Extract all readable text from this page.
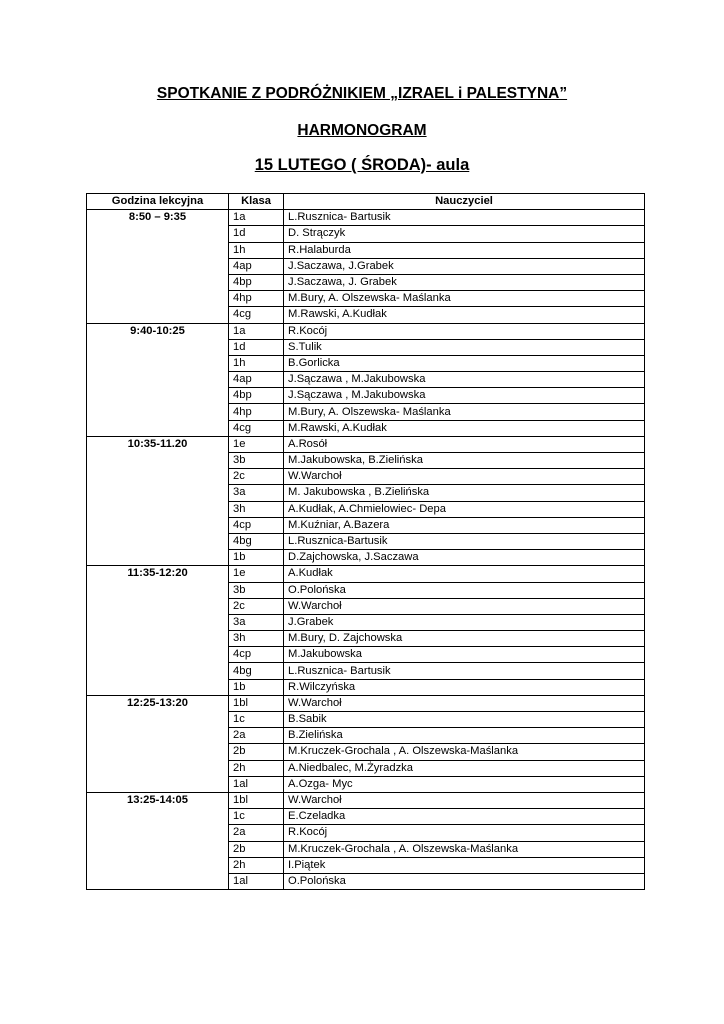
SPOTKANIE Z PODRÓŻNIKIEM „IZRAEL i PALESTYNA”

HARMONOGRAM

15 LUTEGO ( ŚRODA)- aula

Godzina lekcyjna	Klasa	Nauczyciel
8:50 – 9:35	1a	L.Rusznica- Bartusik
	1d	D. Strączyk
	1h	R.Halaburda
	4ap	J.Saczawa, J.Grabek
	4bp	J.Saczawa, J. Grabek
	4hp	M.Bury, A. Olszewska- Maślanka
	4cg	M.Rawski, A.Kudłak
9:40-10:25	1a	R.Kocój
	1d	S.Tulik
	1h	B.Gorlicka
	4ap	J.Sączawa , M.Jakubowska
	4bp	J.Sączawa , M.Jakubowska
	4hp	M.Bury, A. Olszewska- Maślanka
	4cg	M.Rawski, A.Kudłak
10:35-11.20	1e	A.Rosół
	3b	M.Jakubowska, B.Zielińska
	2c	W.Warchoł
	3a	M. Jakubowska , B.Zielińska
	3h	A.Kudłak, A.Chmielowiec- Depa
	4cp	M.Kuźniar, A.Bazera
	4bg	L.Rusznica-Bartusik
	1b	D.Zajchowska, J.Saczawa
11:35-12:20	1e	A.Kudłak
	3b	O.Polońska
	2c	W.Warchoł
	3a	J.Grabek
	3h	M.Bury, D. Zajchowska
	4cp	M.Jakubowska
	4bg	L.Rusznica- Bartusik
	1b	R.Wilczyńska
12:25-13:20	1bl	W.Warchoł
	1c	B.Sabik
	2a	B.Zielińska
	2b	M.Kruczek-Grochala , A. Olszewska-Maślanka
	2h	A.Niedbalec, M.Żyradzka
	1al	A.Ozga- Myc
13:25-14:05	1bl	W.Warchoł
	1c	E.Czeladka
	2a	R.Kocój
	2b	M.Kruczek-Grochala , A. Olszewska-Maślanka
	2h	I.Piątek
	1al	O.Polońska
